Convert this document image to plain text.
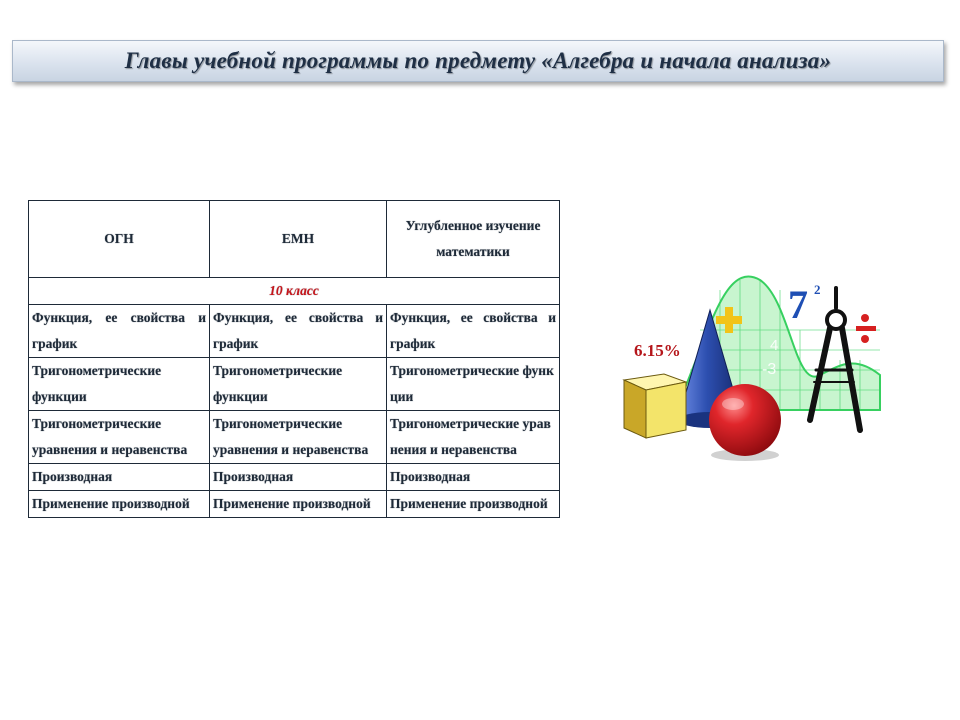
Главы учебной программы по предмету «Алгебра и начала анализа»
ОГН	ЕМН	Углубленное изучение математики
10 класс		
Функция, ее свойства и график	Функция, ее свойства и график	Функция, ее свойства и график
Тригонометрические функции	Тригонометрические функции	Тригонометрические функции
Тригонометрические уравнения и неравенства	Тригонометрические уравнения и неравенства	Тригонометрические уравнения и неравенства
Производная	Производная	Производная
Применение производной	Применение производной	Применение производной
4
-3
7 2
6.15%
